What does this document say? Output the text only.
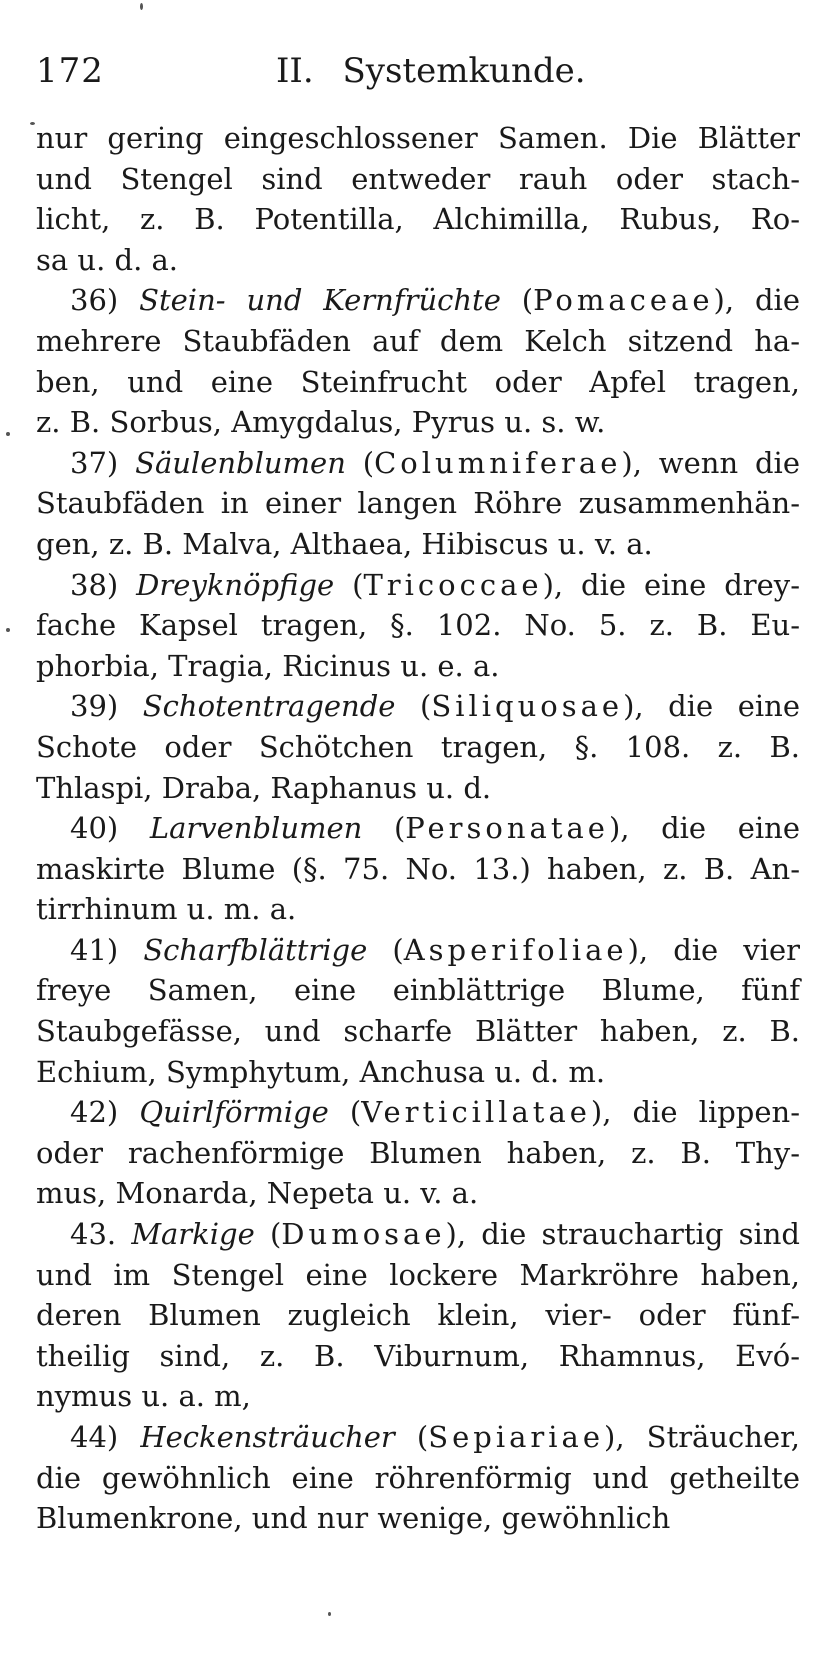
172	II. Systemkunde.
nur gering eingeschlossener Samen. Die Blätter
und Stengel sind entweder rauh oder stach-
licht, z. B. Potentilla, Alchimilla, Rubus, Ro-
sa u. d. a.
36) Stein- und Kernfrüchte (Pomaceae), die
mehrere Staubfäden auf dem Kelch sitzend ha-
ben, und eine Steinfrucht oder Apfel tragen,
z. B. Sorbus, Amygdalus, Pyrus u. s. w.
37) Säulenblumen (Columniferae), wenn die
Staubfäden in einer langen Röhre zusammenhän-
gen, z. B. Malva, Althaea, Hibiscus u. v. a.
38) Dreyknöpfige (Tricoccae), die eine drey-
fache Kapsel tragen, §. 102. No. 5. z. B. Eu-
phorbia, Tragia, Ricinus u. e. a.
39) Schotentragende (Siliquosae), die eine
Schote oder Schötchen tragen, §. 108. z. B.
Thlaspi, Draba, Raphanus u. d.
40) Larvenblumen (Personatae), die eine
maskirte Blume (§. 75. No. 13.) haben, z. B. An-
tirrhinum u. m. a.
41) Scharfblättrige (Asperifoliae), die vier
freye Samen, eine einblättrige Blume, fünf
Staubgefässe, und scharfe Blätter haben, z. B.
Echium, Symphytum, Anchusa u. d. m.
42) Quirlförmige (Verticillatae), die lippen-
oder rachenförmige Blumen haben, z. B. Thy-
mus, Monarda, Nepeta u. v. a.
43. Markige (Dumosae), die strauchartig sind
und im Stengel eine lockere Markröhre haben,
deren Blumen zugleich klein, vier- oder fünf-
theilig sind, z. B. Viburnum, Rhamnus, Evó-
nymus u. a. m,
44) Heckensträucher (Sepiariae), Sträucher,
die gewöhnlich eine röhrenförmig und getheilte
Blumenkrone, und nur wenige, gewöhnlich
